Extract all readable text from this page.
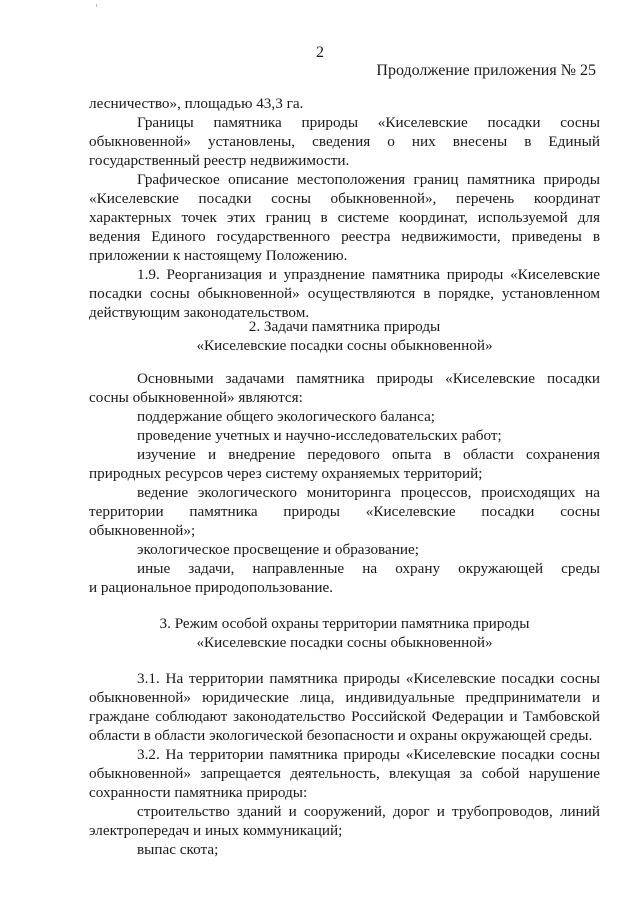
2
Продолжение приложения № 25
лесничество», площадью 43,3 га.
Границы памятника природы «Киселевские посадки сосны
обыкновенной» установлены, сведения о них внесены в Единый
государственный реестр недвижимости.
Графическое описание местоположения границ памятника природы
«Киселевские посадки сосны обыкновенной», перечень координат
характерных точек этих границ в системе координат, используемой для
ведения Единого государственного реестра недвижимости, приведены в
приложении к настоящему Положению.
1.9. Реорганизация и упразднение памятника природы «Киселевские
посадки сосны обыкновенной» осуществляются в порядке, установленном
действующим законодательством.
2. Задачи памятника природы
«Киселевские посадки сосны обыкновенной»
Основными задачами памятника природы «Киселевские посадки
сосны обыкновенной» являются:
поддержание общего экологического баланса;
проведение учетных и научно-исследовательских работ;
изучение и внедрение передового опыта в области сохранения
природных ресурсов через систему охраняемых территорий;
ведение экологического мониторинга процессов, происходящих на
территории памятника природы «Киселевские посадки сосны
обыкновенной»;
экологическое просвещение и образование;
иные задачи, направленные на охрану окружающей среды
и рациональное природопользование.
3. Режим особой охраны территории памятника природы
«Киселевские посадки сосны обыкновенной»
3.1. На территории памятника природы «Киселевские посадки сосны
обыкновенной» юридические лица, индивидуальные предприниматели и
граждане соблюдают законодательство Российской Федерации и Тамбовской
области в области экологической безопасности и охраны окружающей среды.
3.2. На территории памятника природы «Киселевские посадки сосны
обыкновенной» запрещается деятельность, влекущая за собой нарушение
сохранности памятника природы:
строительство зданий и сооружений, дорог и трубопроводов, линий
электропередач и иных коммуникаций;
выпас скота;
